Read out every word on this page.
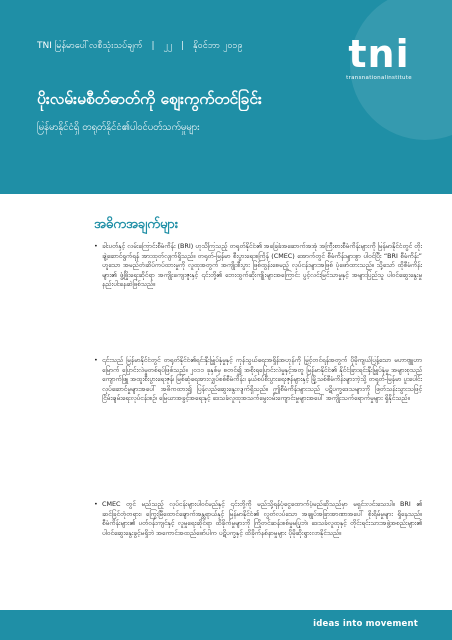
TNI မြန်မာပေါ်လစီသုံးသပ်ချက် | ၂၂ | နိုဝင်ဘာ ၂၀၁၉	tni
transnationalinstitute
ပိုးလမ်းမစီတ်ဓာတ်ကို စျေးကွက်တင်ခြင်း
မြန်မာနိုင်ငံရှိ တရုတ်နိုင်ငံ၏ပါဝင်ပတ်သက်မှုများ
အဓိကအချက်များ
• ခါးပတ်နှင့် လမ်းကြောင်းစီမံကိန်း (BRI) ဟုသိကြသည့် တရုတ်နိုင်ငံ၏ အခြေခံအဆောက်အအုံ အကြီးစားစီမံကိန်းများကို မြန်မာနိုင်ငံတွင် တိုးချဲ့ဆောင်ရွက်ရန် အားထုတ်လျက်ရှိသည်။ တရုတ်-မြန်မာ စီးပွားရေးစင်္ကြန် (CMEC) အောက်တွင် စီမံကိန်းများစွာ ပါဝင်ပြီး “BRI စီမံကိန်း” ဟူသော အမည်တံဆိပ်ကပ်ထားမှုကို လူထုအတွက် အကျိုးစီးပွား ဖြစ်ထွန်းစေမည့် လုပ်ငန်းများအဖြစ် ပုံဖော်ထားသည်။ သို့သော် ထိုစီမံကိန်းများ၏ ဖွံ့ဖြိုးရေးဆိုင်ရာ အကျိုးကျေးဇူးနှင့် ၎င်းတို့၏ ဘေးထွက်ဆိုးကျိုးများအကြောင်း ပွင့်လင်းမြင်သာမှုနှင့် အများပြည်သူ ပါဝင်ဆွေးနွေးမှု နည်းပါးနေဆဲဖြစ်သည်။
• ၎င်းသည် မြန်မာနိုင်ငံတွင် တရုတ်နိုင်ငံ၏ရင်းနှီးမြှုပ်နှံမှုနှင့် ကုန်သွယ်ရေးအရှိန်အဟုန်ကို မြှင့်တင်ရန်အတွက် ပိုမိုကျယ်ပြန့်သော မဟာဗျူဟာမြောက် ပြောင်းလဲမှုတစ်ရပ်ဖြစ်သည်။ ၂၀၁၁ ခုနှစ်မှ စတင်၍ အစိုးရပြောင်းလဲမှုနှင့်အတူ မြန်မာနိုင်ငံ၏ နိုင်ငံခြားရင်းနှီးမြှုပ်နှံမှု အများစုသည် ကျောက်ဖြူ အထူးစီးပွားရေးဇုန်၊ မြစ်ဆုံရေအားလျှပ်စစ်စီမံကိန်း၊ နယ်စပ်စီးပွားရေးဇုန်များနှင့် မြို့သစ်စီမံကိန်းများကဲ့သို့ တရုတ်-မြန်မာ ပူးပေါင်းလုပ်ဆောင်မှုများအပေါ် အဓိကထား၍ ပြန်လည်ဆွေးနွေးလျက်ရှိသည်။ ဤစီမံကိန်းများသည် ပဋိပက္ခဒေသများကို ဖြတ်သန်းသွားသဖြင့် ငြိမ်းချမ်းရေးလုပ်ငန်းစဉ်၊ မြေယာအခွင့်အရေးနှင့် ဒေသခံလူထုအသက်မွေးဝမ်းကျောင်းမှုများအပေါ် အကျိုးသက်ရောက်မှုများ ရှိနိုင်သည်။
• CMEC တွင် မည်သည့် လုပ်ငန်းများပါဝင်မည်နှင့် ၎င်းတို့ကို မည်သို့ရန်ပုံငွေထောက်ပံ့မည်ဆိုသည်မှာ မရှင်းလင်းသေးပါ။ BRI ၏ ဆင်ခြင်တုံတရား၊ ကြွေးမြီထောင်ချောက်အန္တရာယ်နှင့် မြန်မာနိုင်ငံ၏ လွတ်လပ်သော အချုပ်အခြာအာဏာအပေါ် စိုးရိမ်မှုများ ရှိနေသည်။ စီမံကိန်းများ၏ ပတ်ဝန်းကျင်နှင့် လူမှုရေးဆိုင်ရာ ထိခိုက်မှုများကို ကြိုတင်ဆန်းစစ်မှုမပြုဘဲ၊ ဒေသခံလူထုနှင့် တိုင်းရင်းသားအဖွဲ့အစည်းများ၏ ပါဝင်ဆွေးနွေးခွင့်မရှိဘဲ အကောင်အထည်ဖော်ပါက ပဋိပက္ခနှင့် ထိခိုက်နစ်နာမှုများ ပိုမိုဆိုးရွားလာနိုင်သည်။
ideas into movement
